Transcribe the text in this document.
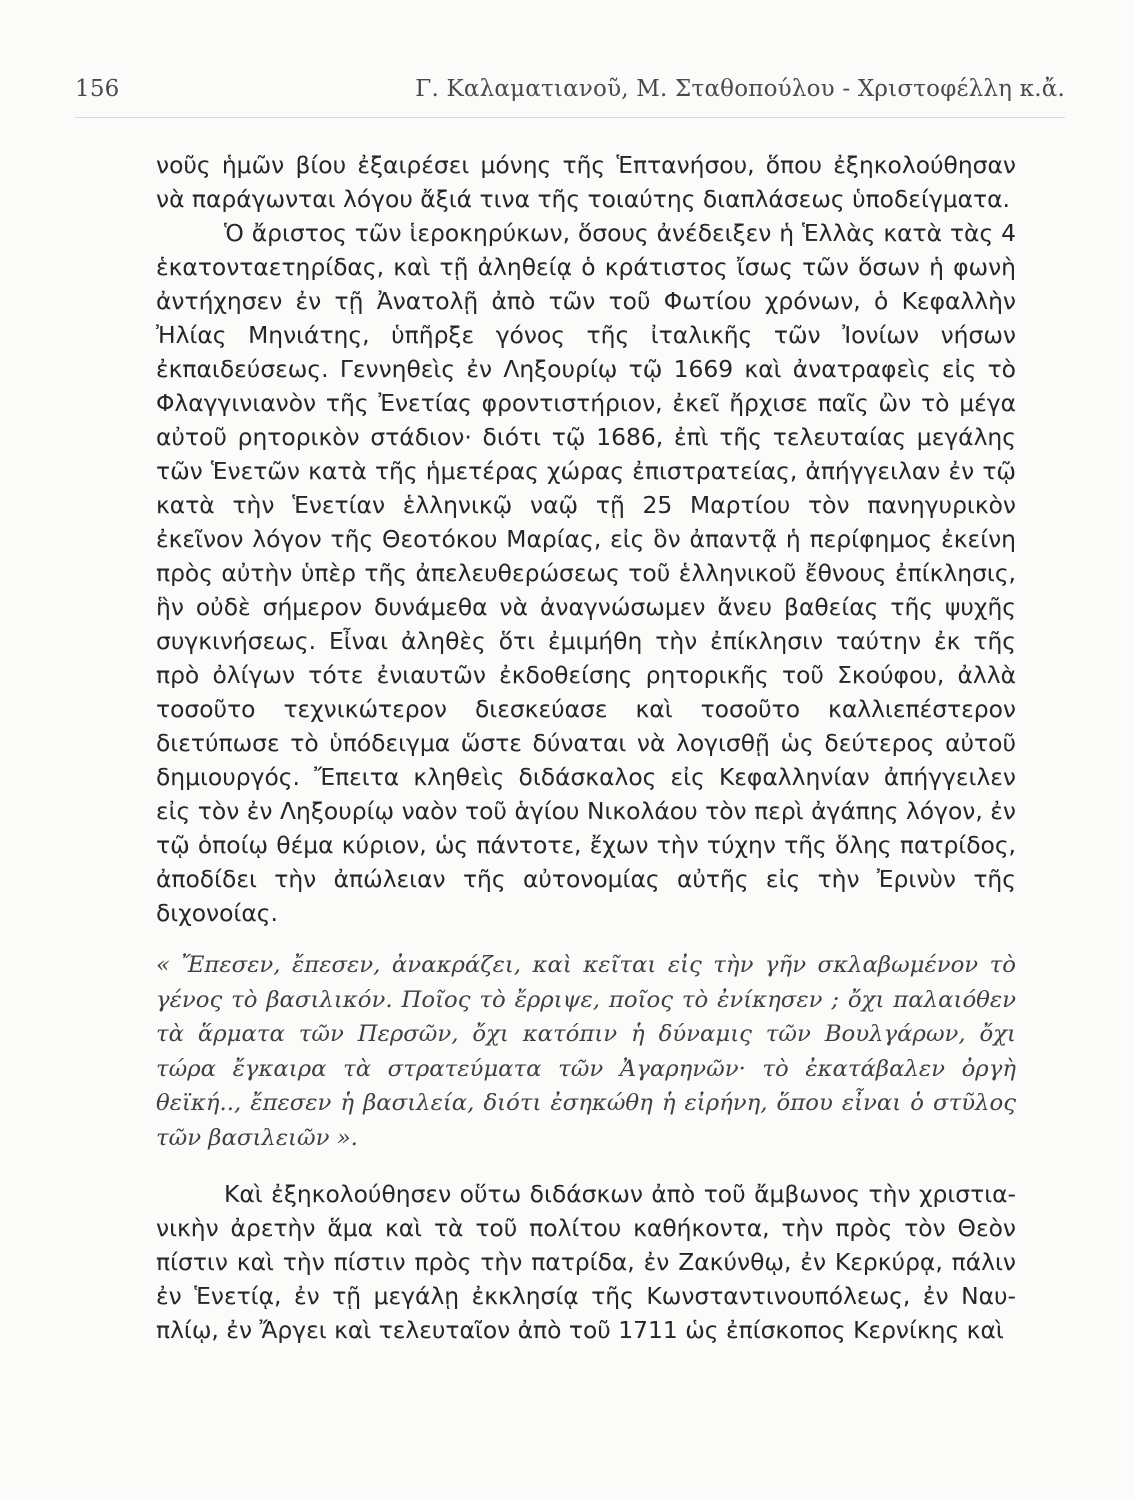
156	Γ. Καλαματιανοῦ, Μ. Σταθοπούλου - Χριστοφέλλη κ.ἄ.

νοῦς ἡμῶν βίου ἐξαιρέσει μόνης τῆς Ἑπτανήσου, ὅπου ἐξηκολούθησαν νὰ παράγωνται λόγου ἄξιά τινα τῆς τοιαύτης διαπλάσεως ὑποδείγματα.

Ὁ ἄριστος τῶν ἱεροκηρύκων, ὅσους ἀνέδειξεν ἡ Ἑλλὰς κατὰ τὰς 4 ἑκατονταετηρίδας, καὶ τῇ ἀληθείᾳ ὁ κράτιστος ἴσως τῶν ὅσων ἡ φωνὴ ἀντήχησεν ἐν τῇ Ἀνατολῇ ἀπὸ τῶν τοῦ Φωτίου χρόνων, ὁ Κεφαλλὴν Ἠλίας Μηνιάτης, ὑπῆρξε γόνος τῆς ἰταλικῆς τῶν Ἰονίων νήσων ἐκπαιδεύσεως. Γεννηθεὶς ἐν Ληξουρίῳ τῷ 1669 καὶ ἀνατραφεὶς εἰς τὸ Φλαγγινιανὸν τῆς Ἐνετίας φροντιστήριον, ἐκεῖ ἤρχισε παῖς ὢν τὸ μέγα αὐτοῦ ρητορικὸν στάδιον· διότι τῷ 1686, ἐπὶ τῆς τελευταίας μεγάλης τῶν Ἑνετῶν κατὰ τῆς ἡμετέρας χώρας ἐπιστρατείας, ἀπήγγειλαν ἐν τῷ κατὰ τὴν Ἑνετίαν ἑλληνικῷ ναῷ τῇ 25 Μαρτίου τὸν πανηγυρικὸν ἐκεῖνον λόγον τῆς Θεοτόκου Μαρίας, εἰς ὃν ἀπαντᾷ ἡ περίφημος ἐκείνη πρὸς αὐτὴν ὑπὲρ τῆς ἀπελευθερώσεως τοῦ ἑλληνικοῦ ἔθνους ἐπίκλησις, ἣν οὐδὲ σήμερον δυνάμεθα νὰ ἀναγνώσωμεν ἄνευ βαθείας τῆς ψυχῆς συγκινήσεως. Εἶναι ἀληθὲς ὅτι ἐμιμήθη τὴν ἐπίκλησιν ταύτην ἐκ τῆς πρὸ ὀλίγων τότε ἐνιαυτῶν ἐκδοθείσης ρητορικῆς τοῦ Σκούφου, ἀλλὰ τοσοῦτο τεχνικώτερον διεσκεύασε καὶ τοσοῦτο καλλιεπέστερον διετύπωσε τὸ ὑπόδειγμα ὥστε δύναται νὰ λογισθῇ ὡς δεύτερος αὐτοῦ δημιουργός. Ἔπειτα κληθεὶς διδάσκαλος εἰς Κεφαλληνίαν ἀπήγγειλεν εἰς τὸν ἐν Ληξουρίῳ ναὸν τοῦ ἁγίου Νικολάου τὸν περὶ ἀγάπης λόγον, ἐν τῷ ὁποίῳ θέμα κύριον, ὡς πάντοτε, ἔχων τὴν τύχην τῆς ὅλης πατρίδος, ἀποδίδει τὴν ἀπώλειαν τῆς αὐτονομίας αὐτῆς εἰς τὴν Ἐρινὺν τῆς διχονοίας.

« Ἔπεσεν, ἔπεσεν, ἀνακράζει, καὶ κεῖται εἰς τὴν γῆν σκλαβωμένον τὸ γένος τὸ βασιλικόν. Ποῖος τὸ ἔρριψε, ποῖος τὸ ἐνίκησεν ; ὄχι παλαιόθεν τὰ ἅρματα τῶν Περσῶν, ὄχι κατόπιν ἡ δύναμις τῶν Βουλγάρων, ὄχι τώρα ἔγκαιρα τὰ στρατεύματα τῶν Ἀγαρηνῶν· τὸ ἐκατάβαλεν ὀργὴ θεϊκή.., ἔπεσεν ἡ βασιλεία, διότι ἐσηκώθη ἡ εἰρήνη, ὅπου εἶναι ὁ στῦλος τῶν βασιλειῶν ».

Καὶ ἐξηκολούθησεν οὕτω διδάσκων ἀπὸ τοῦ ἄμβωνος τὴν χριστιανικὴν ἀρετὴν ἅμα καὶ τὰ τοῦ πολίτου καθήκοντα, τὴν πρὸς τὸν Θεὸν πίστιν καὶ τὴν πίστιν πρὸς τὴν πατρίδα, ἐν Ζακύνθῳ, ἐν Κερκύρᾳ, πάλιν ἐν Ἑνετίᾳ, ἐν τῇ μεγάλῃ ἐκκλησίᾳ τῆς Κωνσταντινουπόλεως, ἐν Ναυπλίῳ, ἐν Ἄργει καὶ τελευταῖον ἀπὸ τοῦ 1711 ὡς ἐπίσκοπος Κερνίκης καὶ
